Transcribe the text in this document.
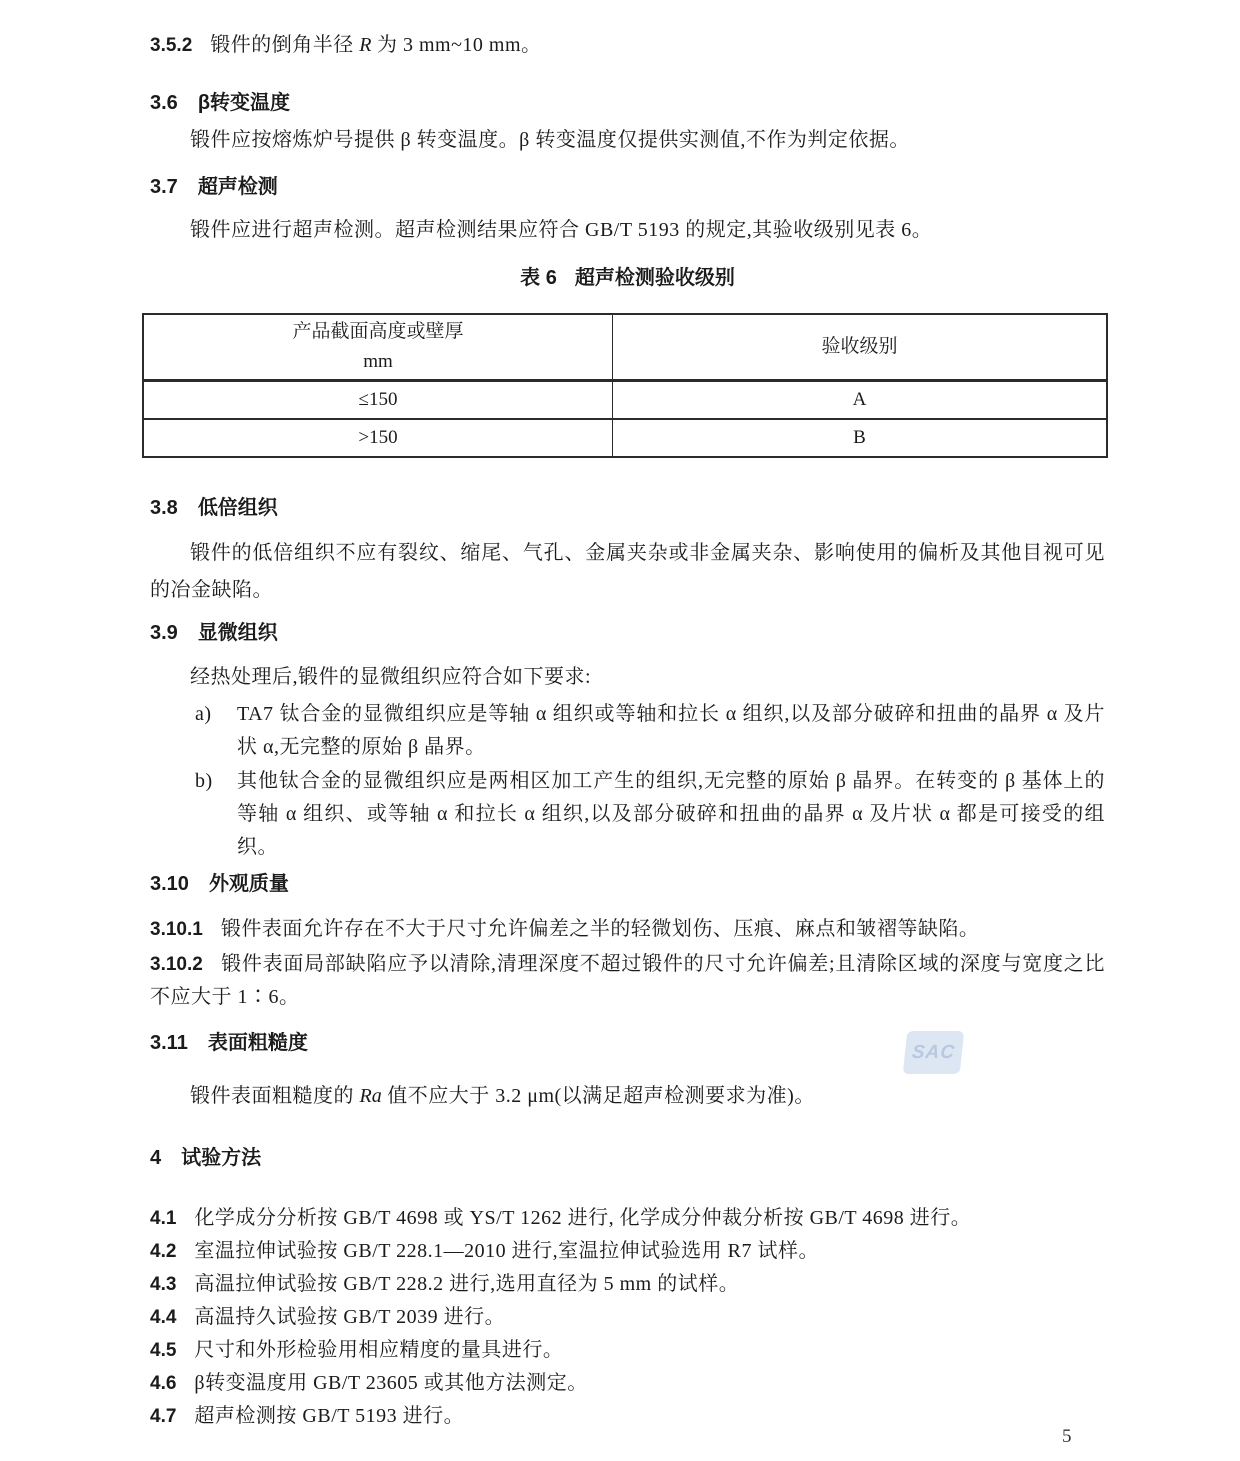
3.5.2 锻件的倒角半径 R 为 3 mm~10 mm。

3.6 β转变温度

锻件应按熔炼炉号提供 β 转变温度。β 转变温度仅提供实测值,不作为判定依据。

3.7 超声检测

锻件应进行超声检测。超声检测结果应符合 GB/T 5193 的规定,其验收级别见表 6。

表 6 超声检测验收级别
产品截面高度或壁厚
mm	验收级别
≤150	A
>150	B
3.8 低倍组织

锻件的低倍组织不应有裂纹、缩尾、气孔、金属夹杂或非金属夹杂、影响使用的偏析及其他目视可见的冶金缺陷。

3.9 显微组织

经热处理后,锻件的显微组织应符合如下要求:

a) TA7 钛合金的显微组织应是等轴 α 组织或等轴和拉长 α 组织,以及部分破碎和扭曲的晶界 α 及片状 α,无完整的原始 β 晶界。
b) 其他钛合金的显微组织应是两相区加工产生的组织,无完整的原始 β 晶界。在转变的 β 基体上的等轴 α 组织、或等轴 α 和拉长 α 组织,以及部分破碎和扭曲的晶界 α 及片状 α 都是可接受的组织。
3.10 外观质量

3.10.1 锻件表面允许存在不大于尺寸允许偏差之半的轻微划伤、压痕、麻点和皱褶等缺陷。

3.10.2 锻件表面局部缺陷应予以清除,清理深度不超过锻件的尺寸允许偏差;且清除区域的深度与宽度之比不应大于 1∶6。

3.11 表面粗糙度

锻件表面粗糙度的 Ra 值不应大于 3.2 μm(以满足超声检测要求为准)。

4 试验方法

4.1 化学成分分析按 GB/T 4698 或 YS/T 1262 进行, 化学成分仲裁分析按 GB/T 4698 进行。

4.2 室温拉伸试验按 GB/T 228.1—2010 进行,室温拉伸试验选用 R7 试样。

4.3 高温拉伸试验按 GB/T 228.2 进行,选用直径为 5 mm 的试样。

4.4 高温持久试验按 GB/T 2039 进行。

4.5 尺寸和外形检验用相应精度的量具进行。

4.6 β转变温度用 GB/T 23605 或其他方法测定。

4.7 超声检测按 GB/T 5193 进行。

SAC
5
